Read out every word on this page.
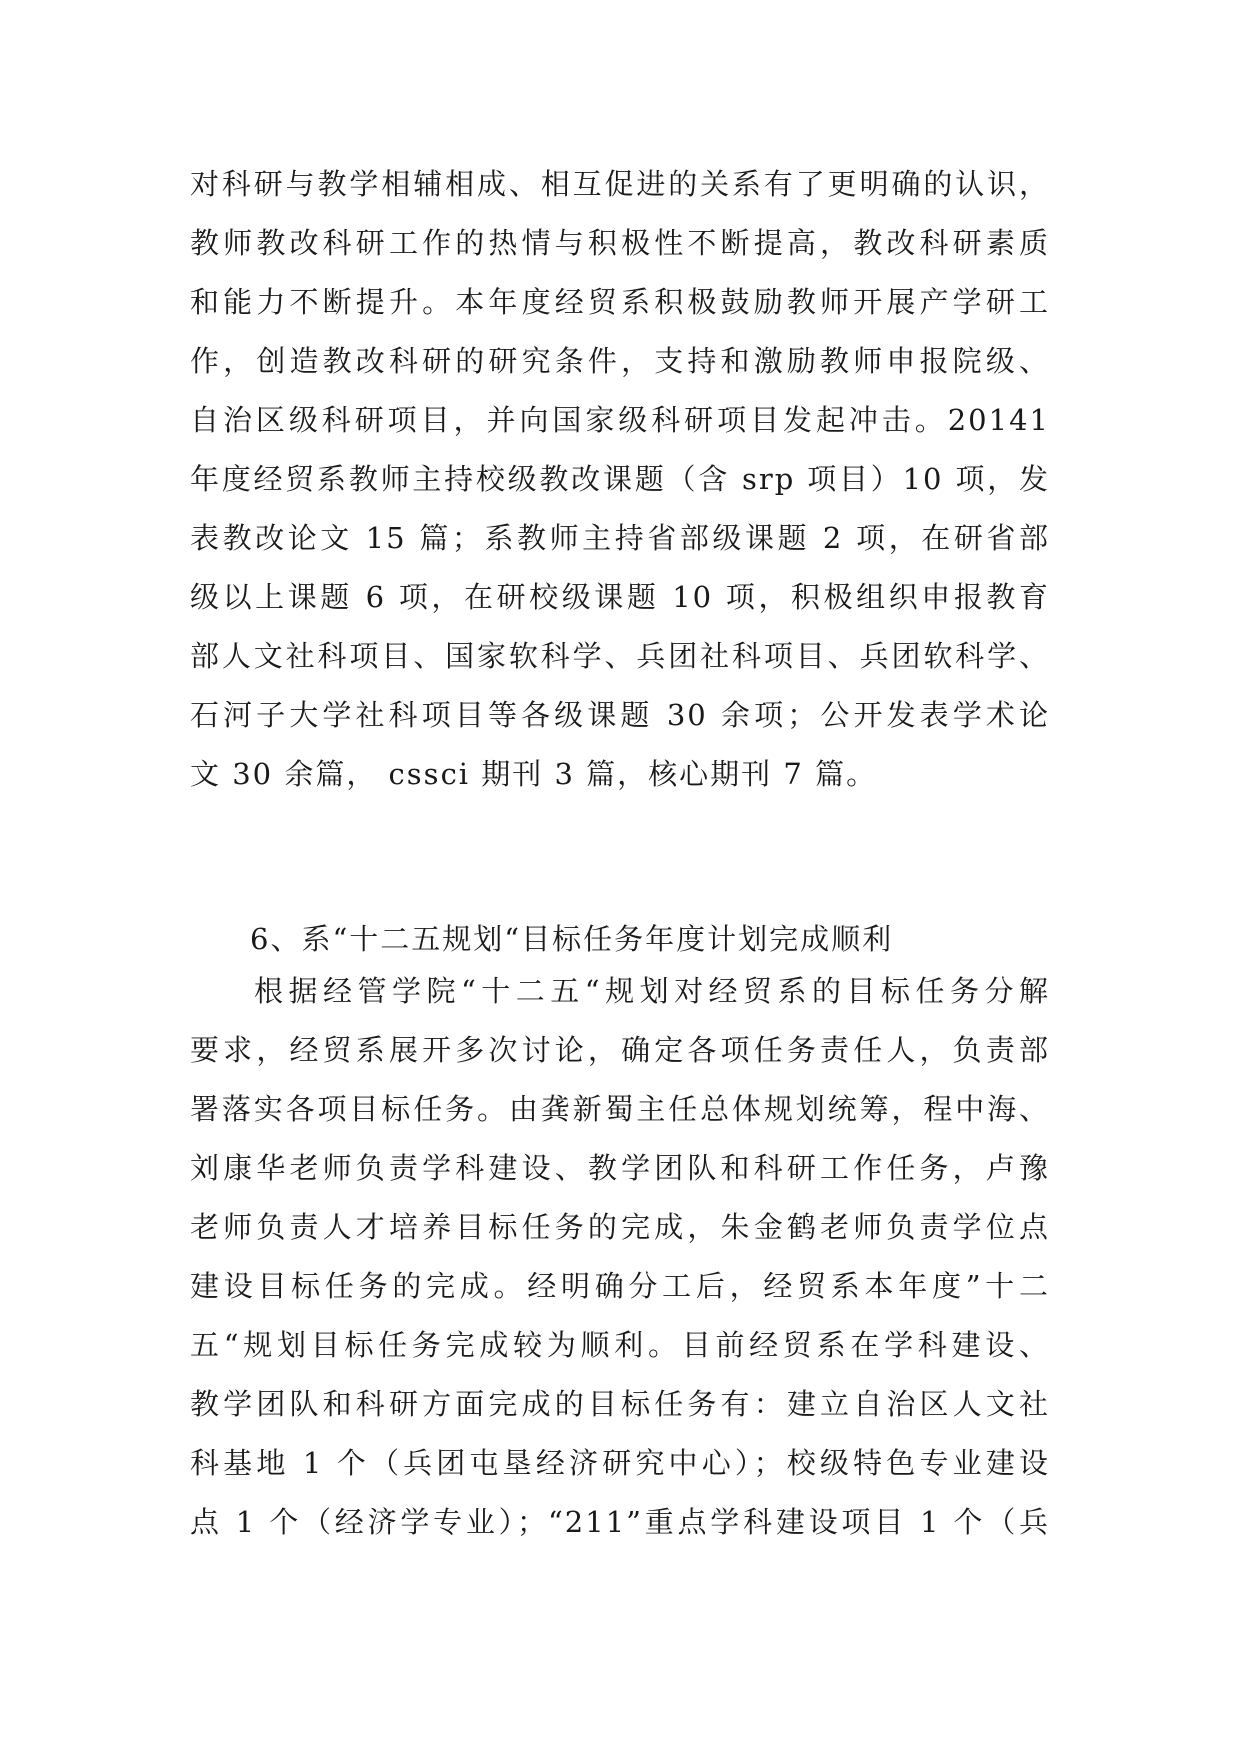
对科研与教学相辅相成、相互促进的关系有了更明确的认识，
教师教改科研工作的热情与积极性不断提高，教改科研素质
和能力不断提升。本年度经贸系积极鼓励教师开展产学研工
作，创造教改科研的研究条件，支持和激励教师申报院级、
自治区级科研项目，并向国家级科研项目发起冲击。20141
年度经贸系教师主持校级教改课题（含 srp 项目）10 项，发
表教改论文 15 篇；系教师主持省部级课题 2 项，在研省部
级以上课题 6 项，在研校级课题 10 项，积极组织申报教育
部人文社科项目、国家软科学、兵团社科项目、兵团软科学、
石河子大学社科项目等各级课题 30 余项；公开发表学术论
文 30 余篇， cssci 期刊 3 篇，核心期刊 7 篇。
6、系“十二五规划“目标任务年度计划完成顺利
根据经管学院“十二五“规划对经贸系的目标任务分解
要求，经贸系展开多次讨论，确定各项任务责任人，负责部
署落实各项目标任务。由龚新蜀主任总体规划统筹，程中海、
刘康华老师负责学科建设、教学团队和科研工作任务，卢豫
老师负责人才培养目标任务的完成，朱金鹤老师负责学位点
建设目标任务的完成。经明确分工后，经贸系本年度”十二
五“规划目标任务完成较为顺利。目前经贸系在学科建设、
教学团队和科研方面完成的目标任务有：建立自治区人文社
科基地 1 个（兵团屯垦经济研究中心）；校级特色专业建设
点 1 个（经济学专业）；“211”重点学科建设项目 1 个（兵
